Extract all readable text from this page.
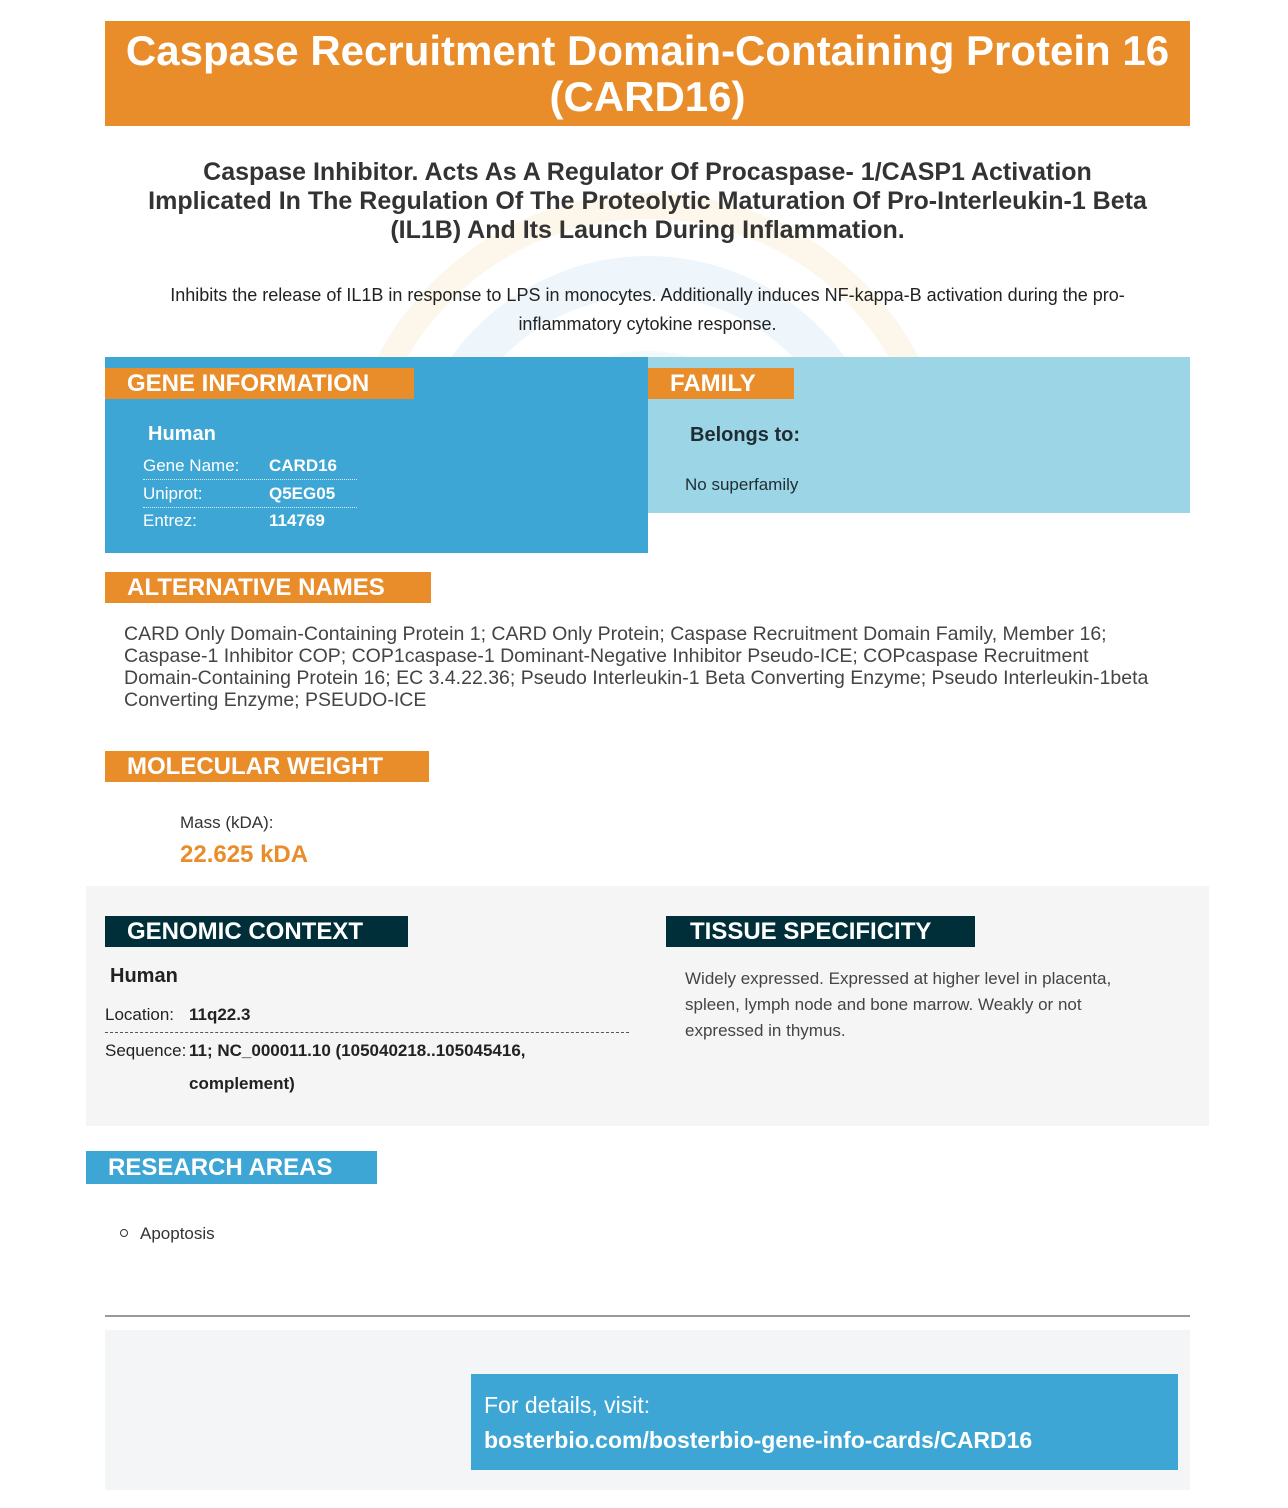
Caspase Recruitment Domain-Containing Protein 16 (CARD16)
Caspase Inhibitor. Acts As A Regulator Of Procaspase- 1/CASP1 Activation Implicated In The Regulation Of The Proteolytic Maturation Of Pro-Interleukin-1 Beta (IL1B) And Its Launch During Inflammation.
Inhibits the release of IL1B in response to LPS in monocytes. Additionally induces NF-kappa-B activation during the pro-inflammatory cytokine response.
GENE INFORMATION
Human
Gene Name: CARD16
Uniprot:	Q5EG05
Entrez:	114769
FAMILY
Belongs to:
No superfamily
ALTERNATIVE NAMES
CARD Only Domain-Containing Protein 1; CARD Only Protein; Caspase Recruitment Domain Family, Member 16; Caspase-1 Inhibitor COP; COP1caspase-1 Dominant-Negative Inhibitor Pseudo-ICE; COPcaspase Recruitment Domain-Containing Protein 16; EC 3.4.22.36; Pseudo Interleukin-1 Beta Converting Enzyme; Pseudo Interleukin-1beta Converting Enzyme; PSEUDO-ICE
MOLECULAR WEIGHT
Mass (kDA):
22.625 kDA
GENOMIC CONTEXT
Human
Location: 11q22.3
Sequence: 11; NC_000011.10 (105040218..105045416,
complement)
TISSUE SPECIFICITY
Widely expressed. Expressed at higher level in placenta, spleen, lymph node and bone marrow. Weakly or not expressed in thymus.
RESEARCH AREAS
Apoptosis
For details, visit:
bosterbio.com/bosterbio-gene-info-cards/CARD16
